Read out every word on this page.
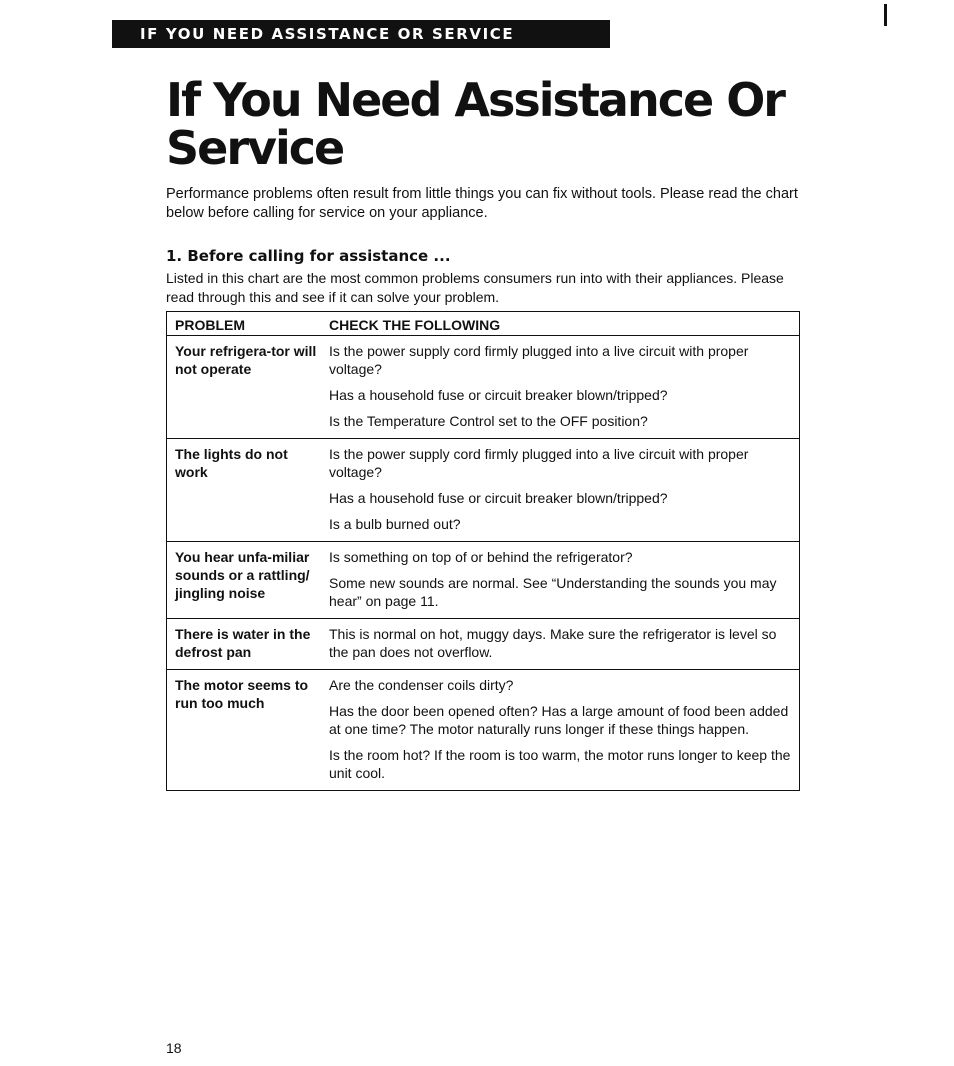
IF YOU NEED ASSISTANCE OR SERVICE
If You Need Assistance Or
Service

Performance problems often result from little things you can fix without tools. Please read the chart below before calling for service on your appliance.

1. Before calling for assistance ...

Listed in this chart are the most common problems consumers run into with their appliances. Please read through this and see if it can solve your problem.

PROBLEM	CHECK THE FOLLOWING
Your refrigera-tor will not operate	Is the power supply cord firmly plugged into a live circuit with proper voltage?

Has a household fuse or circuit breaker blown/tripped?

Is the Temperature Control set to the OFF position?

The lights do not work	Is the power supply cord firmly plugged into a live circuit with proper voltage?

Has a household fuse or circuit breaker blown/tripped?

Is a bulb burned out?

You hear unfa-miliar sounds or a rattling/ jingling noise	Is something on top of or behind the refrigerator?

Some new sounds are normal. See “Understanding the sounds you may hear” on page 11.

There is water in the defrost pan	This is normal on hot, muggy days. Make sure the refrigerator is level so the pan does not overflow.

The motor seems to run too much	Are the condenser coils dirty?

Has the door been opened often? Has a large amount of food been added at one time? The motor naturally runs longer if these things happen.

Is the room hot? If the room is too warm, the motor runs longer to keep the unit cool.

18
